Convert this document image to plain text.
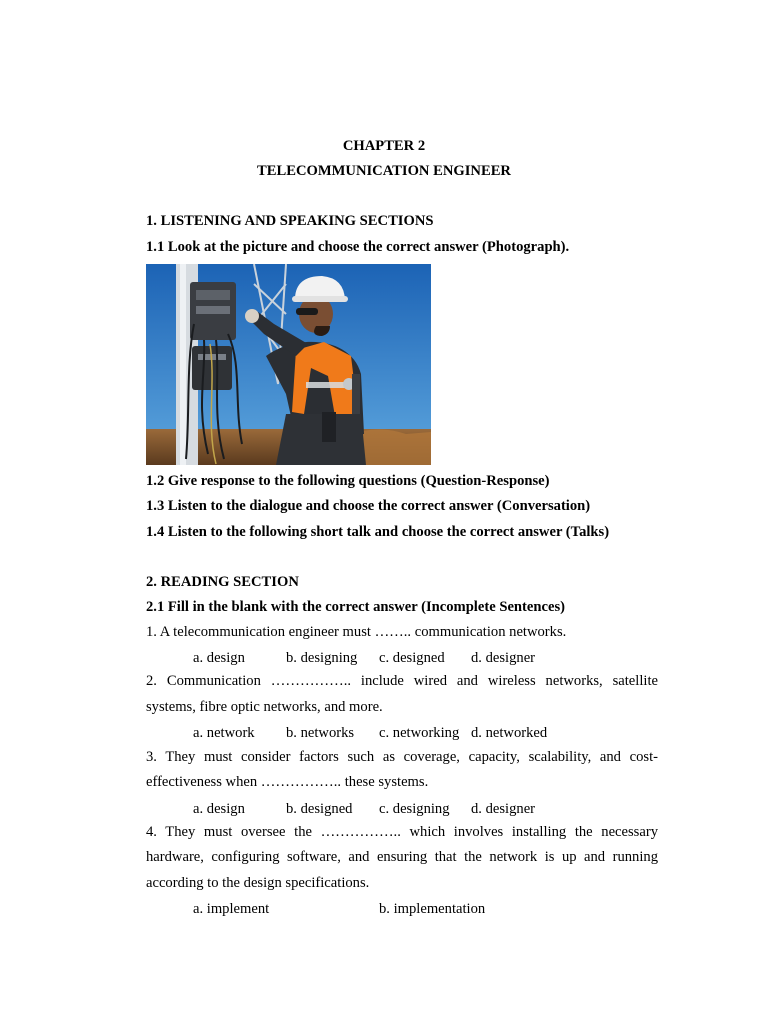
CHAPTER 2
TELECOMMUNICATION ENGINEER
1. LISTENING AND SPEAKING SECTIONS
1.1 Look at the picture and choose the correct answer (Photograph).
1.2 Give response to the following questions (Question-Response)
1.3 Listen to the dialogue and choose the correct answer (Conversation)
1.4 Listen to the following short talk and choose the correct answer (Talks)
2. READING SECTION
2.1 Fill in the blank with the correct answer (Incomplete Sentences)
1. A telecommunication engineer must …….. communication networks.
a. design	b. designing c. designed d. designer
2. Communication …………….. include wired and wireless networks, satellite
systems, fibre optic networks, and more.
a. network b. networks c. networking d. networked
3. They must consider factors such as coverage, capacity, scalability, and cost-
effectiveness when …………….. these systems.
a. design	b. designed c. designing d. designer
4. They must oversee the …………….. which involves installing the necessary
hardware, configuring software, and ensuring that the network is up and running
according to the design specifications.
a. implement	b. implementation
